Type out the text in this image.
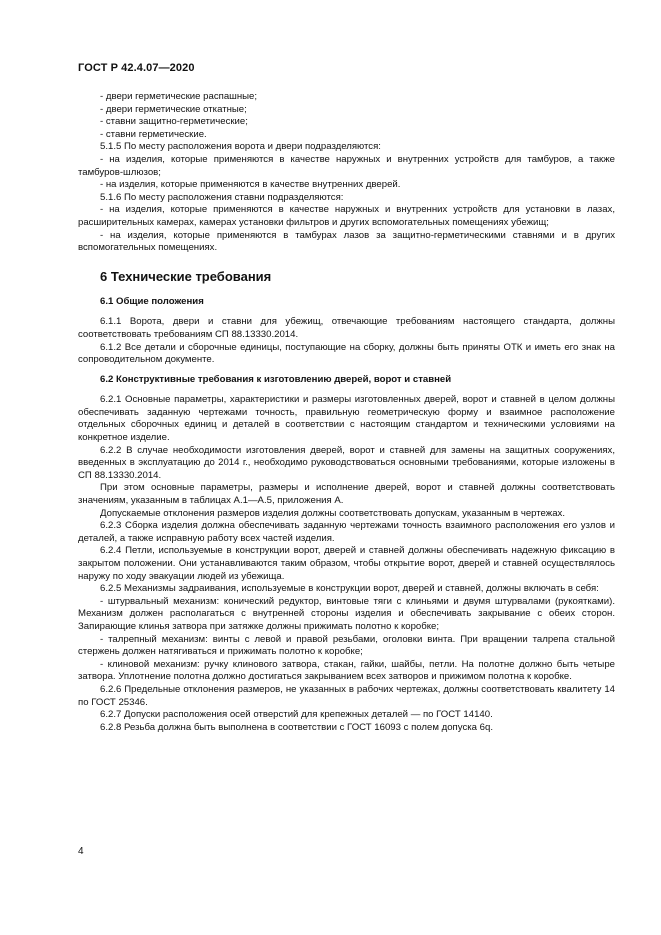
ГОСТ Р 42.4.07—2020

- двери герметические распашные;

- двери герметические откатные;

- ставни защитно-герметические;

- ставни герметические.

5.1.5 По месту расположения ворота и двери подразделяются:

- на изделия, которые применяются в качестве наружных и внутренних устройств для тамбуров, а также тамбуров-шлюзов;

- на изделия, которые применяются в качестве внутренних дверей.

5.1.6 По месту расположения ставни подразделяются:

- на изделия, которые применяются в качестве наружных и внутренних устройств для установки в лазах, расширительных камерах, камерах установки фильтров и других вспомогательных помещениях убежищ;

- на изделия, которые применяются в тамбурах лазов за защитно-герметическими ставнями и в других вспомогательных помещениях.

6 Технические требования

6.1 Общие положения

6.1.1 Ворота, двери и ставни для убежищ, отвечающие требованиям настоящего стандарта, должны соответствовать требованиям СП 88.13330.2014.

6.1.2 Все детали и сборочные единицы, поступающие на сборку, должны быть приняты ОТК и иметь его знак на сопроводительном документе.

6.2 Конструктивные требования к изготовлению дверей, ворот и ставней

6.2.1 Основные параметры, характеристики и размеры изготовленных дверей, ворот и ставней в целом должны обеспечивать заданную чертежами точность, правильную геометрическую форму и взаимное расположение отдельных сборочных единиц и деталей в соответствии с настоящим стандартом и техническими условиями на конкретное изделие.

6.2.2 В случае необходимости изготовления дверей, ворот и ставней для замены на защитных сооружениях, введенных в эксплуатацию до 2014 г., необходимо руководствоваться основными требованиями, которые изложены в СП 88.13330.2014.

При этом основные параметры, размеры и исполнение дверей, ворот и ставней должны соответствовать значениям, указанным в таблицах А.1—А.5, приложения А.

Допускаемые отклонения размеров изделия должны соответствовать допускам, указанным в чертежах.

6.2.3 Сборка изделия должна обеспечивать заданную чертежами точность взаимного расположения его узлов и деталей, а также исправную работу всех частей изделия.

6.2.4 Петли, используемые в конструкции ворот, дверей и ставней должны обеспечивать надежную фиксацию в закрытом положении. Они устанавливаются таким образом, чтобы открытие ворот, дверей и ставней осуществлялось наружу по ходу эвакуации людей из убежища.

6.2.5 Механизмы задраивания, используемые в конструкции ворот, дверей и ставней, должны включать в себя:

- штурвальный механизм: конический редуктор, винтовые тяги с клиньями и двумя штурвалами (рукоятками). Механизм должен располагаться с внутренней стороны изделия и обеспечивать закрывание с обеих сторон. Запирающие клинья затвора при затяжке должны прижимать полотно к коробке;

- талрепный механизм: винты с левой и правой резьбами, оголовки винта. При вращении талрепа стальной стержень должен натягиваться и прижимать полотно к коробке;

- клиновой механизм: ручку клинового затвора, стакан, гайки, шайбы, петли. На полотне должно быть четыре затвора. Уплотнение полотна должно достигаться закрыванием всех затворов и прижимом полотна к коробке.

6.2.6 Предельные отклонения размеров, не указанных в рабочих чертежах, должны соответствовать квалитету 14 по ГОСТ 25346.

6.2.7 Допуски расположения осей отверстий для крепежных деталей — по ГОСТ 14140.

6.2.8 Резьба должна быть выполнена в соответствии с ГОСТ 16093 с полем допуска 6q.

4
